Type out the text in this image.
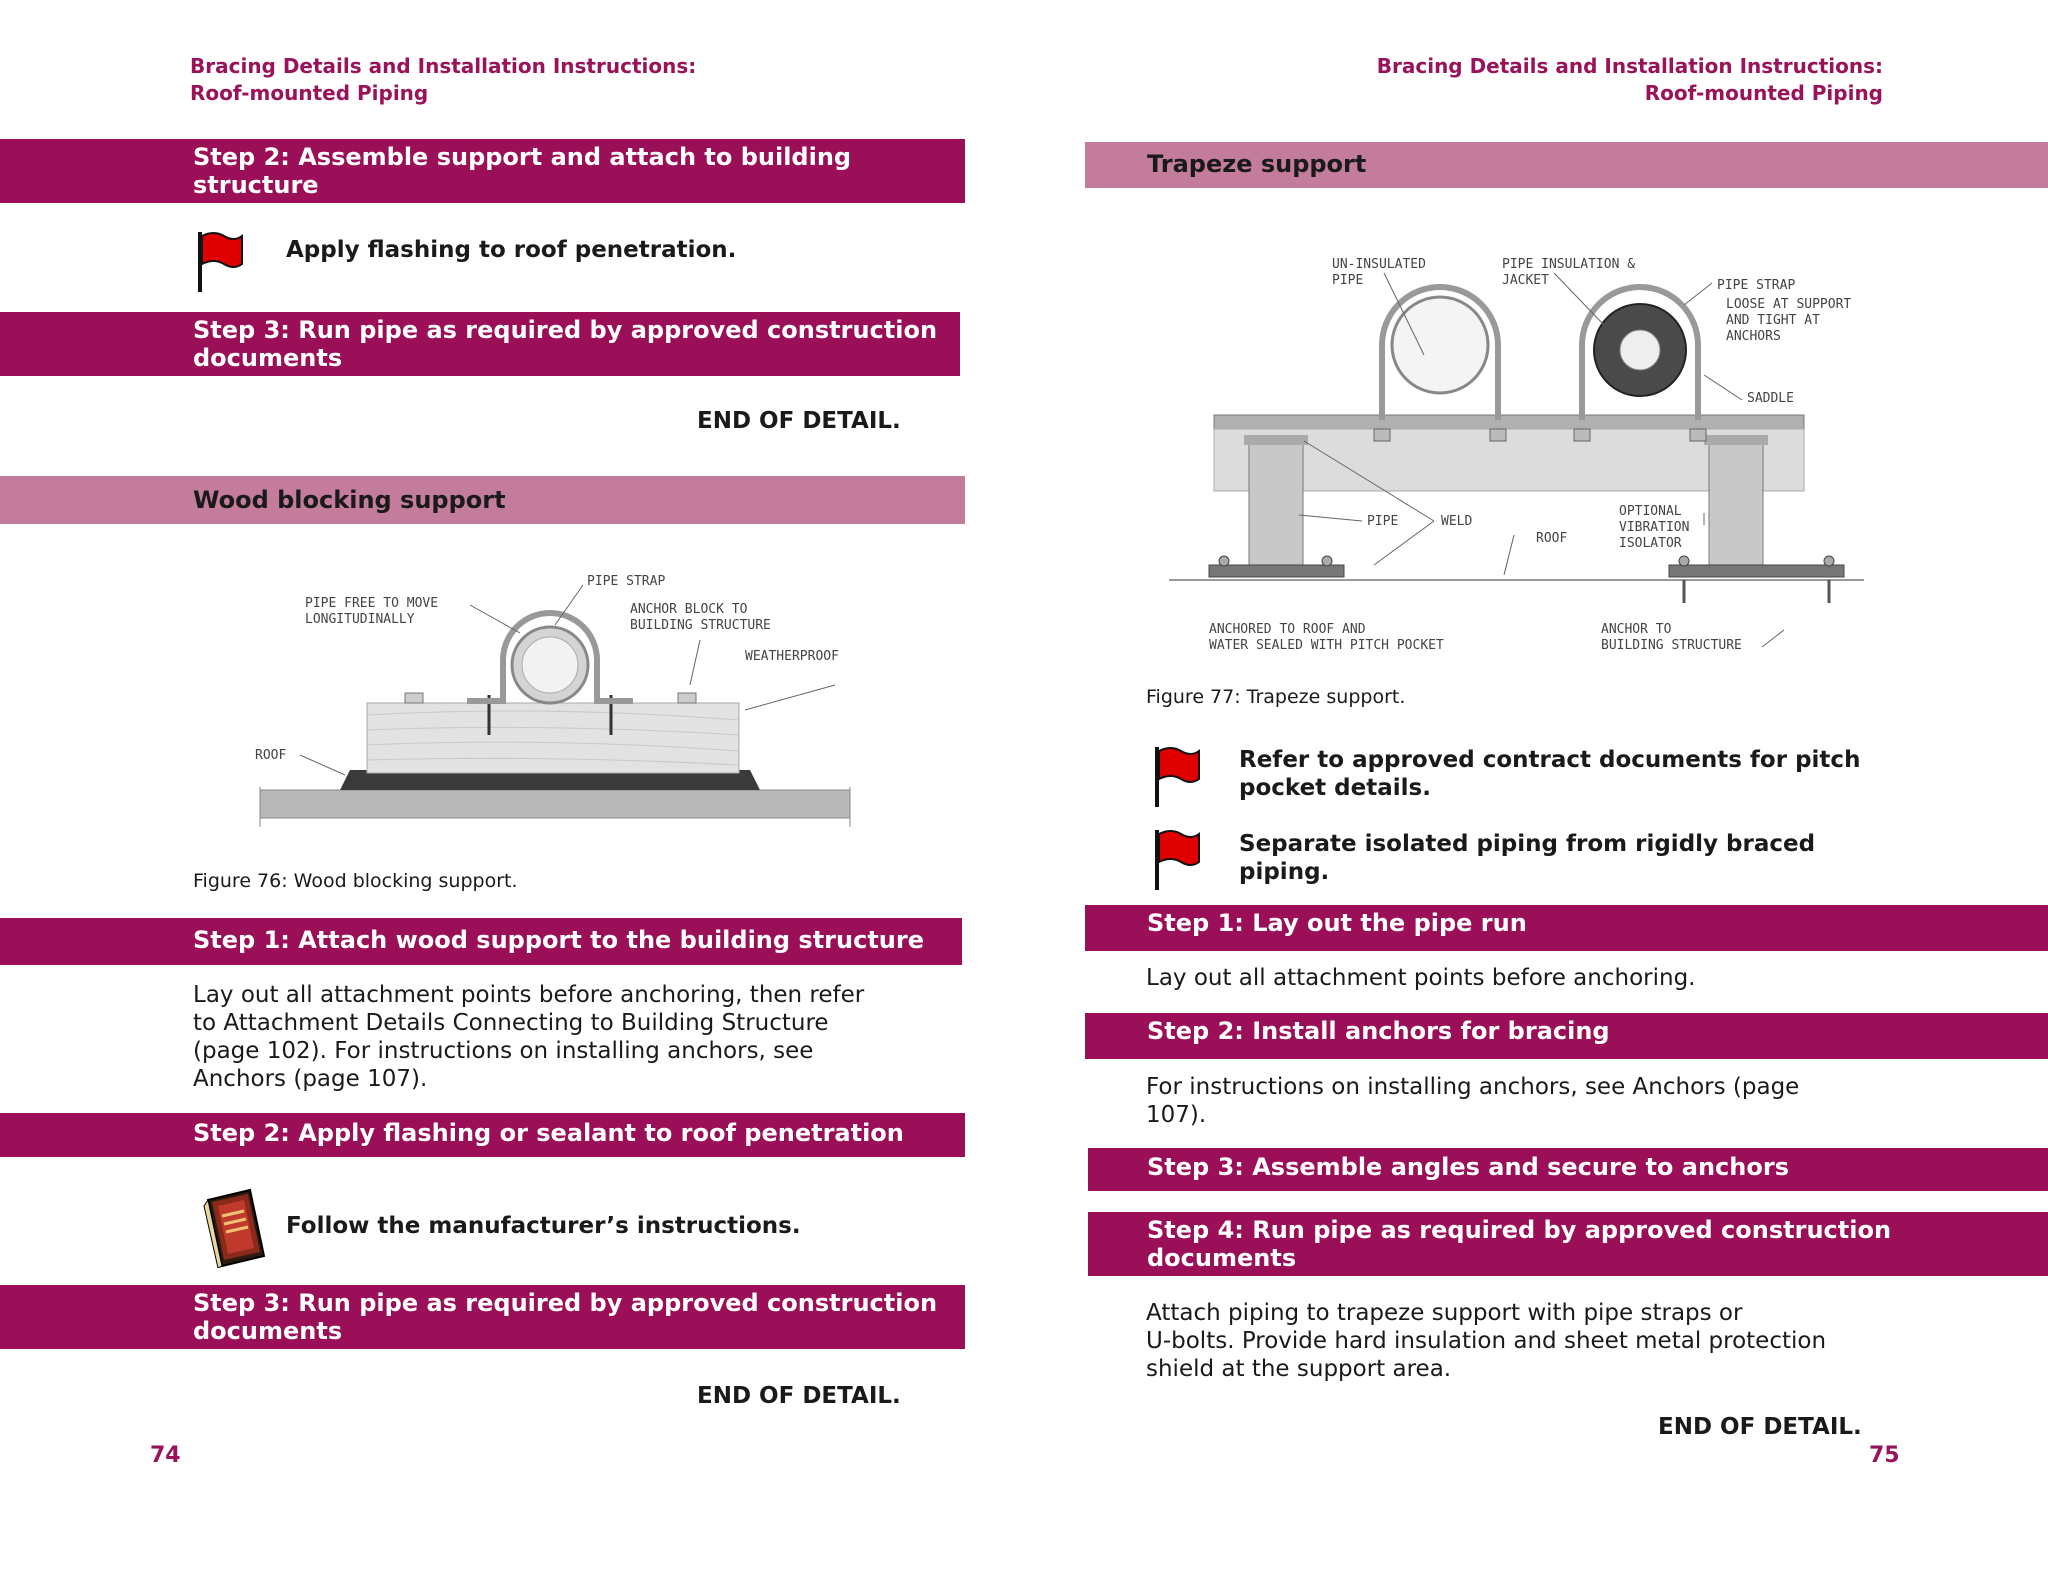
Bracing Details and Installation Instructions:
Roof-mounted Piping
Step 2: Assemble support and attach to building
structure
Apply flashing to roof penetration.
Step 3: Run pipe as required by approved construction
documents
END OF DETAIL.
Wood blocking support
PIPE FREE TO MOVE
LONGITUDINALLY
PIPE STRAP
ANCHOR BLOCK TO
BUILDING STRUCTURE
WEATHERPROOF
ROOF
Figure 76: Wood blocking support.
Step 1: Attach wood support to the building structure
Lay out all attachment points before anchoring, then refer
to Attachment Details Connecting to Building Structure
(page 102). For instructions on installing anchors, see
Anchors (page 107).
Step 2: Apply flashing or sealant to roof penetration
Follow the manufacturer’s instructions.
Step 3: Run pipe as required by approved construction
documents
END OF DETAIL.
74
Bracing Details and Installation Instructions:
Roof-mounted Piping
Trapeze support
UN-INSULATED
PIPE
PIPE INSULATION &
JACKET	PIPE STRAP
LOOSE AT SUPPORT
AND TIGHT AT
ANCHORS
SADDLE
PIPE	WELD
ROOF
OPTIONAL
VIBRATION
ISOLATOR
ANCHORED TO ROOF AND
WATER SEALED WITH PITCH POCKET
ANCHOR TO
BUILDING STRUCTURE
Figure 77: Trapeze support.
Refer to approved contract documents for pitch
pocket details.
Separate isolated piping from rigidly braced
piping.
Step 1: Lay out the pipe run
Lay out all attachment points before anchoring.
Step 2: Install anchors for bracing
For instructions on installing anchors, see Anchors (page
107).
Step 3: Assemble angles and secure to anchors
Step 4: Run pipe as required by approved construction
documents
Attach piping to trapeze support with pipe straps or
U-bolts. Provide hard insulation and sheet metal protection
shield at the support area.
END OF DETAIL.
75
